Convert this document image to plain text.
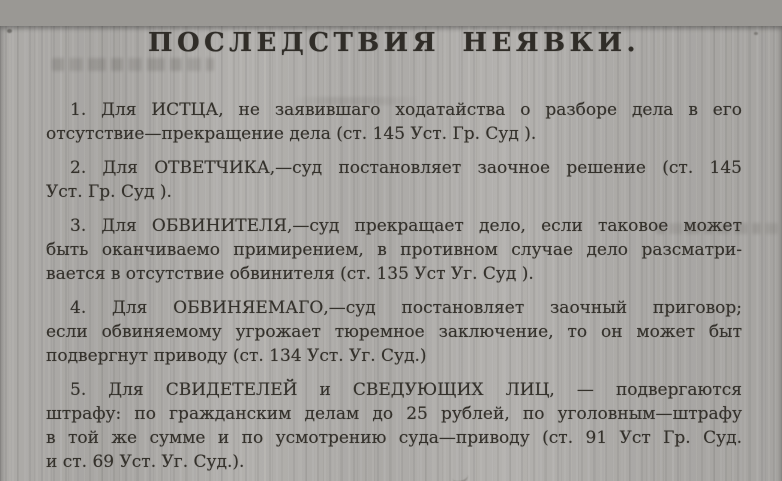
ПОСЛЕДСТВИЯ НЕЯВКИ.
1. Для ИСТЦА, не заявившаго ходатайства о разборе дела в его
отсутствие—прекращение дела (ст. 145 Уст. Гр. Суд ).
2. Для ОТВЕТЧИКА,—суд постановляет заочное решение (ст. 145
Уст. Гр. Суд ).
3. Для ОБВИНИТЕЛЯ,—суд прекращает дело, если таковое может
быть оканчиваемо примирением, в противном случае дело разсматри-
вается в отсутствие обвинителя (ст. 135 Уст Уг. Суд ).
4. Для ОБВИНЯЕМАГО,—суд постановляет заочный приговор;
если обвиняемому угрожает тюремное заключение, то он может быт
подвергнут приводу (ст. 134 Уст. Уг. Суд.)
5. Для СВИДЕТЕЛЕЙ и СВЕДУЮЩИХ ЛИЦ, — подвергаются
штрафу: по гражданским делам до 25 рублей, по уголовным—штрафу
в той же сумме и по усмотрению суда—приводу (ст. 91 Уст Гр. Суд.
и ст. 69 Уст. Уг. Суд.).
